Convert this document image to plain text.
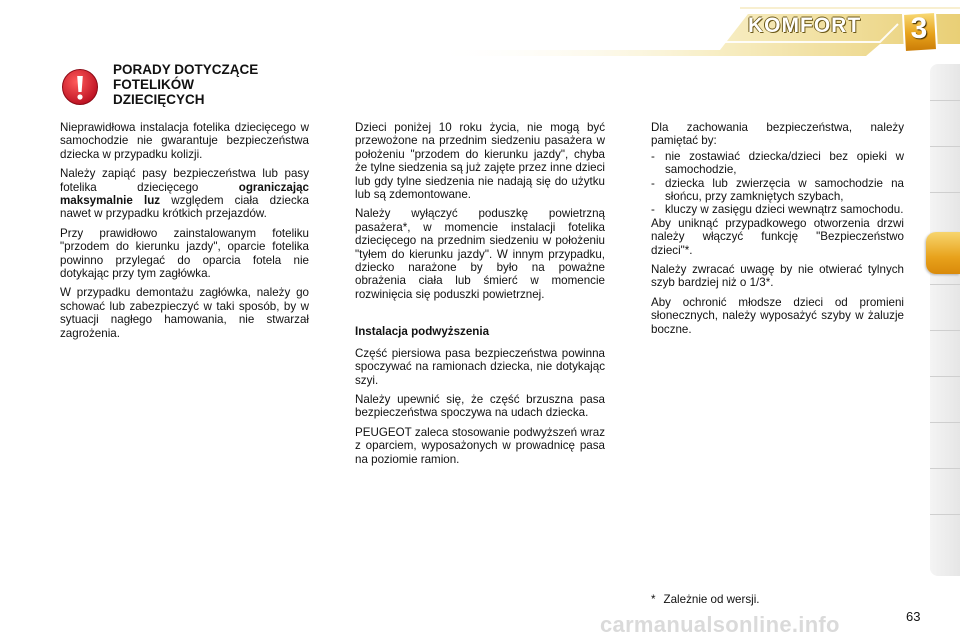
KOMFORT	3
PORADY DOTYCZĄCE
FOTELIKÓW
DZIECIĘCYCH

Nieprawidłowa instalacja fotelika dziecięcego w samochodzie nie gwarantuje bezpieczeństwa dziecka w przypadku kolizji.

Należy zapiąć pasy bezpieczeństwa lub pasy fotelika dziecięcego ograniczając maksymalnie luz względem ciała dziecka nawet w przypadku krótkich przejazdów.

Przy prawidłowo zainstalowanym foteliku "przodem do kierunku jazdy", oparcie fotelika powinno przylegać do oparcia fotela nie dotykając przy tym zagłówka.

W przypadku demontażu zagłówka, należy go schować lub zabezpieczyć w taki sposób, by w sytuacji nagłego hamowania, nie stwarzał zagrożenia.

Dzieci poniżej 10 roku życia, nie mogą być przewożone na przednim siedzeniu pasażera w położeniu "przodem do kierunku jazdy", chyba że tylne siedzenia są już zajęte przez inne dzieci lub gdy tylne siedzenia nie nadają się do użytku lub są zdemontowane.

Należy wyłączyć poduszkę powietrzną pasażera*, w momencie instalacji fotelika dziecięcego na przednim siedzeniu w położeniu "tyłem do kierunku jazdy". W innym przypadku, dziecko narażone by było na poważne obrażenia ciała lub śmierć w momencie rozwinięcia się poduszki powietrznej.

Instalacja podwyższenia

Część piersiowa pasa bezpieczeństwa powinna spoczywać na ramionach dziecka, nie dotykając szyi.

Należy upewnić się, że część brzuszna pasa bezpieczeństwa spoczywa na udach dziecka.

PEUGEOT zaleca stosowanie podwyższeń wraz z oparciem, wyposażonych w prowadnicę pasa na poziomie ramion.

Dla zachowania bezpieczeństwa, należy pamiętać by:

- nie zostawiać dziecka/dzieci bez opieki w samochodzie,
- dziecka lub zwierzęcia w samochodzie na słońcu, przy zamkniętych szybach,
- kluczy w zasięgu dzieci wewnątrz samochodu.

Aby uniknąć przypadkowego otworzenia drzwi należy włączyć funkcję "Bezpieczeństwo dzieci"*.

Należy zwracać uwagę by nie otwierać tylnych szyb bardziej niż o 1/3*.

Aby ochronić młodsze dzieci od promieni słonecznych, należy wyposażyć szyby w żaluzje boczne.

* Zależnie od wersji.
carmanualsonline.info	63
